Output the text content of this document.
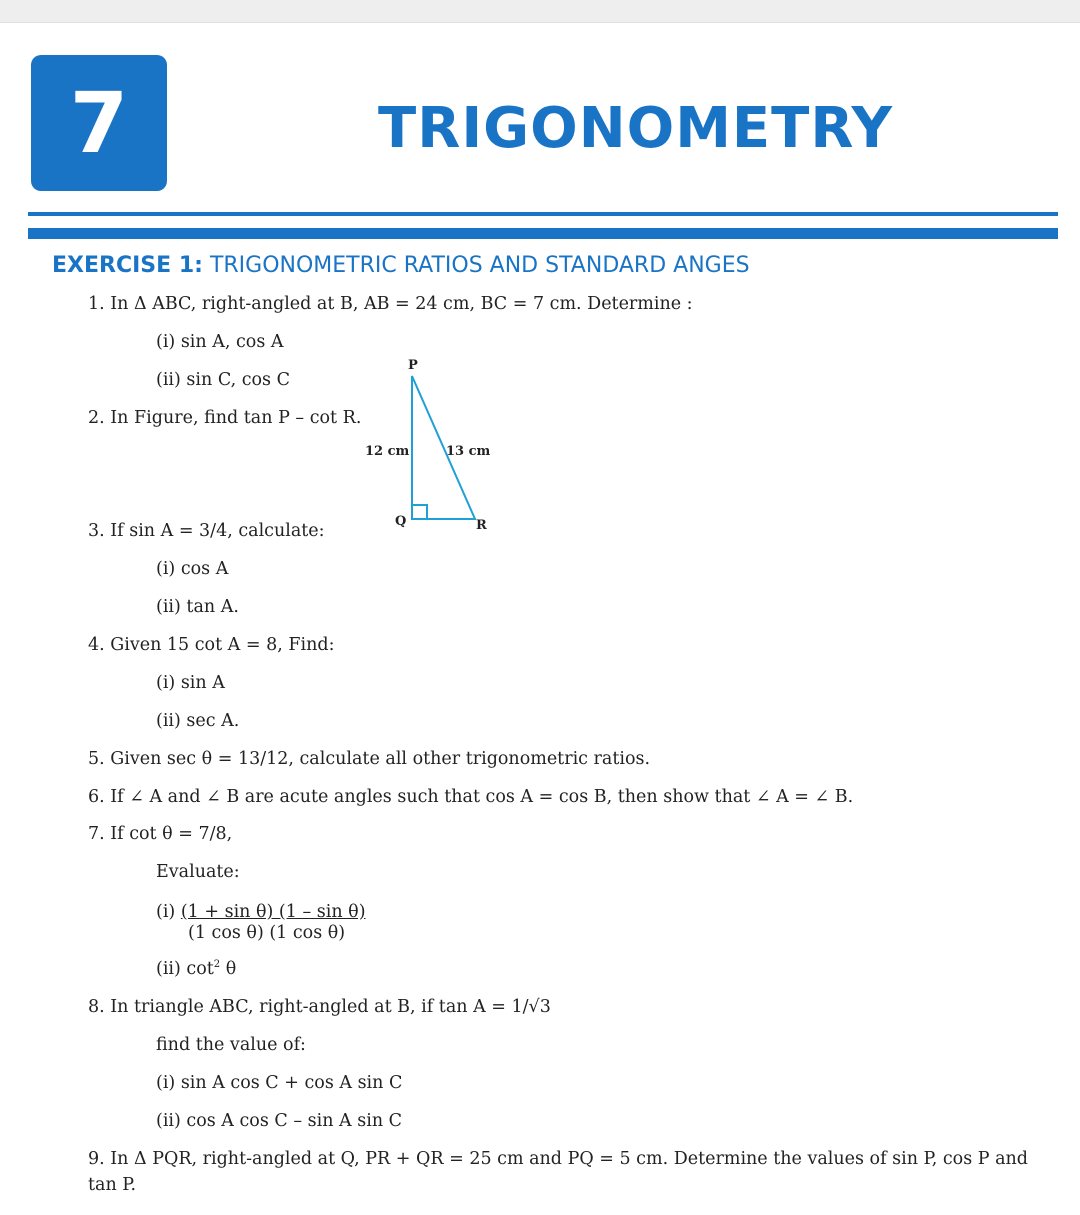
7	TRIGONOMETRY
EXERCISE 1: TRIGONOMETRIC RATIOS AND STANDARD ANGES
1. In Δ ABC, right-angled at B, AB = 24 cm, BC = 7 cm. Determine :
(i) sin A, cos A
(ii) sin C, cos C
2. In Figure, find tan P – cot R.
P
Q	R
12 cm	13 cm
3. If sin A = 3/4, calculate:
(i) cos A
(ii) tan A.
4. Given 15 cot A = 8, Find:
(i) sin A
(ii) sec A.
5. Given sec θ = 13/12, calculate all other trigonometric ratios.
6. If ∠ A and ∠ B are acute angles such that cos A = cos B, then show that ∠ A = ∠ B.
7. If cot θ = 7/8,
Evaluate:
(i) (1 + sin θ) (1 – sin θ)
(1 cos θ) (1 cos θ)
(ii) $\cot^2 \theta$
8. In triangle ABC, right-angled at B, if tan A = 1/√3
find the value of:
(i) sin A cos C + cos A sin C
(ii) cos A cos C – sin A sin C
9. In Δ PQR, right-angled at Q, PR + QR = 25 cm and PQ = 5 cm. Determine the values of sin P, cos P and
tan P.
